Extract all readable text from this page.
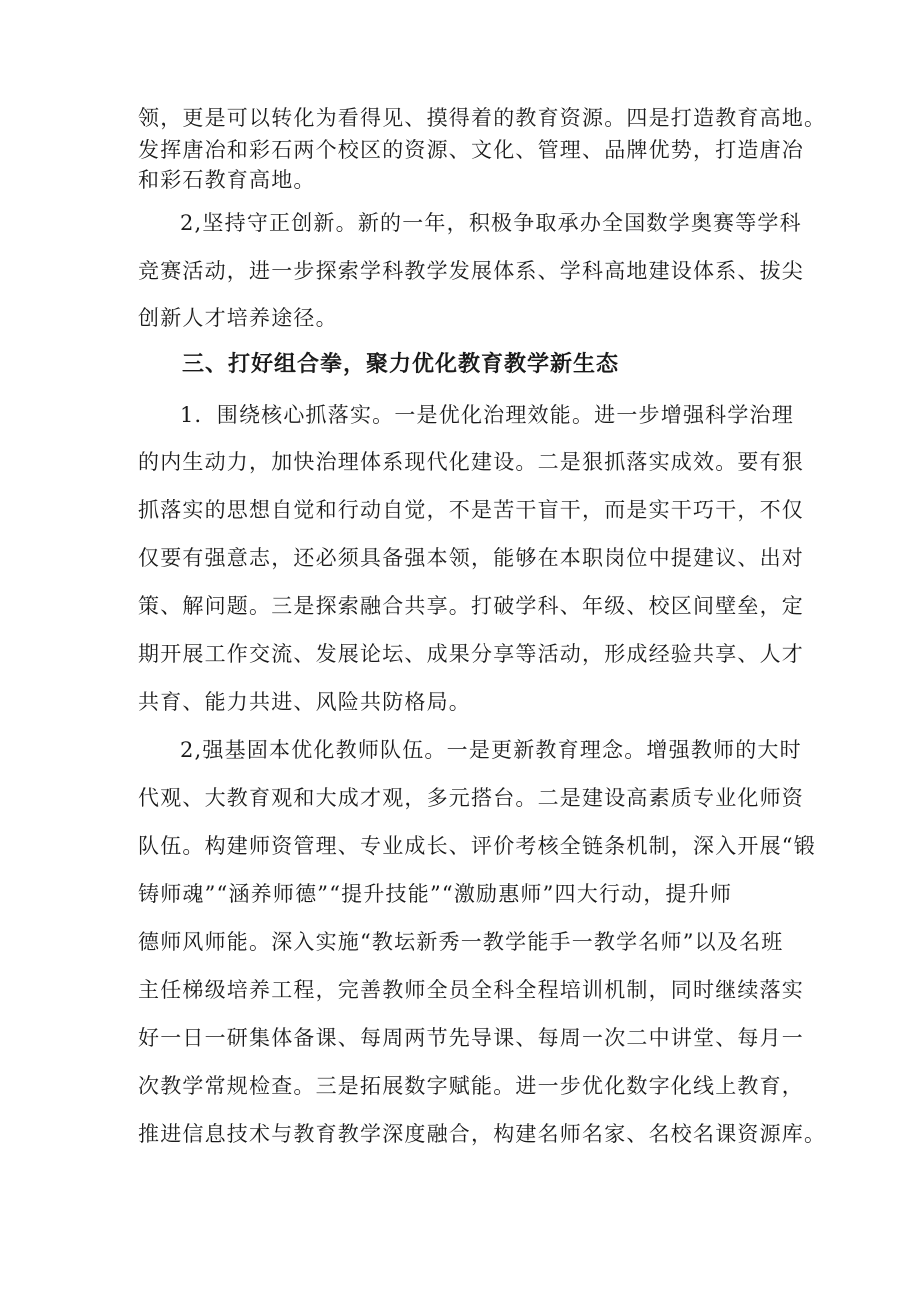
领，更是可以转化为看得见、摸得着的教育资源。四是打造教育高地。

发挥唐冶和彩石两个校区的资源、文化、管理、品牌优势，打造唐冶

和彩石教育高地。

2,坚持守正创新。新的一年，积极争取承办全国数学奥赛等学科

竞赛活动，进一步探索学科教学发展体系、学科高地建设体系、拔尖

创新人才培养途径。

三、打好组合拳，聚力优化教育教学新生态

1．围绕核心抓落实。一是优化治理效能。进一步增强科学治理

的内生动力，加快治理体系现代化建设。二是狠抓落实成效。要有狠

抓落实的思想自觉和行动自觉，不是苦干盲干，而是实干巧干，不仅

仅要有强意志，还必须具备强本领，能够在本职岗位中提建议、出对

策、解问题。三是探索融合共享。打破学科、年级、校区间壁垒，定

期开展工作交流、发展论坛、成果分享等活动，形成经验共享、人才

共育、能力共进、风险共防格局。

2,强基固本优化教师队伍。一是更新教育理念。增强教师的大时

代观、大教育观和大成才观，多元搭台。二是建设高素质专业化师资

队伍。构建师资管理、专业成长、评价考核全链条机制，深入开展“锻

铸师魂”“涵养师德”“提升技能”“激励惠师”四大行动，提升师

德师风师能。深入实施“教坛新秀一教学能手一教学名师”以及名班

主任梯级培养工程，完善教师全员全科全程培训机制，同时继续落实

好一日一研集体备课、每周两节先导课、每周一次二中讲堂、每月一

次教学常规检查。三是拓展数字赋能。进一步优化数字化线上教育，

推进信息技术与教育教学深度融合，构建名师名家、名校名课资源库。
